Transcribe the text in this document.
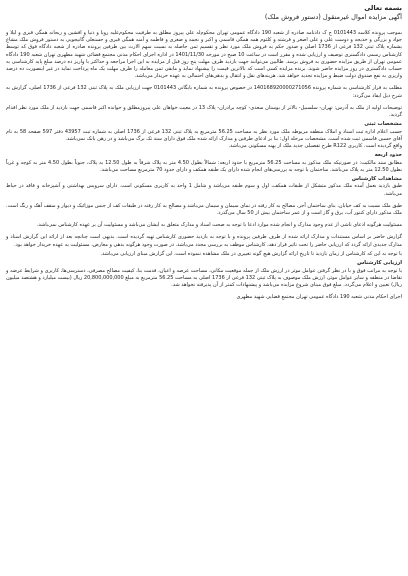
بسمه تعالی
آگهی مزایده اموال غیرمنقول (دستور فروش ملک)

بموجب پرونده کلاسه 0101443 ج ک دادنامه صادره از شعبه 190 دادگاه عمومی تهران محکوم‌له علی پیروز مطلق به طرفیت محکوم‌علیه رویا و دنیا و افشین و ریحانه همگی قبری و لیلا و جواد و بزرگی و خدیجه و دوست علی و علی اصغر و فرشته و کلثوم همه همگی قاسمی و اکبر و نجمه و صغری و فاطمه و آمنه همگی قبری و حسنعلی گانیجویی به دستور فروش ملک مشاع بشماره پلاک ثبتی 132 فرعی از 1736 اصلی و صدور حکم به فروش ملک مورد نظر و تقسیم ثمن حاصله به نسبت سهم الارث بین طرفین پرونده صادره از شعبه دادگاه فوق که توسط کارشناس رسمی دادگستری توصیف و ارزیابی شده و مقرر است در ساعت 10 صبح در مورخه 1401/11/30 در اداره اجرای احکام مدنی مجتمع قضائی شهید مطهری تهران شعبه 190 دادگاه عمومی تهران از طریق مزایده حضوری به فروش برسد. طالبین می‌توانند جهت بازدید ظرف مهلت پنج روز قبل از مزایده به این اجرا مراجعه و حداکثر با واریز ده درصد مبلغ پایه کارشناسی به حساب دادگستری در روز مزایده حاضر شوند. برنده مزایده کسی است که بالاترین قیمت را پیشنهاد نماید و مابقی ثمن معامله را ظرف مهلت یک ماه پرداخت نماید در غیر اینصورت ده درصد واریزی به نفع صندوق دولت ضبط و مزایده تجدید خواهد شد. هزینه‌های نقل و انتقال و بدهی‌های احتمالی به عهده خریدار می‌باشد.

مطلب به قرار کارشناسی به شماره پرونده 140168920000271056 در خصوص پرونده به شماره بایگانی 0101443 جهت ارزیابی ملک به پلاک ثبتی 132 فرعی از 1736 اصلی، گزارش به شرح ذیل ایفاد می‌گردد:

توضیحات اولیه از ملک به آدرس: تهران- سلسبیل- بالاتر از بوستان سعدی- کوچه برادران- پلاک 13 در معیت خواهان علی پیروزمطلق و خوانده اکبر قاسمی جهت بازدید از ملک مورد نظر اقدام گردید.

مشخصات ثبتی

حسب اعلام اداره ثبت اسناد و املاک منطقه مربوطه ملک مورد نظر به مساحت 56.25 مترمربع به پلاک ثبتی 132 فرعی از 1736 اصلی به شماره ثبت 43957 دفتر 597 صفحه 58 به نام آقای حسین قاسمی ثبت شده است. مشخصات مرحله اول: بنا بر ادعای طرفین و مدارک ارائه شده ملک فوق دارای سند تک برگ می‌باشد و در رهن بانک نمی‌باشد.

واقع گردیده است. کاربری R122 طرح تفصیلی جدید ملک از پهنه مسکونی می‌باشد.

حدود اربعه

مطابق سند مالکیت: در صورتیکه ملک مذکور به مساحت 56.25 مترمربع با حدود اربعه: شمالاً بطول 4.50 متر به پلاک شرقاً به طول 12.50 به پلاک، جنوباً بطول 4.50 متر به کوچه و غرباً بطول 12.50 متر به پلاک می‌باشد. ساختمان با توجه به بررسی‌های انجام شده دارای یک طبقه همکف و دارای حدود 70 مترمربع مساحت می‌باشد.

مشاهدات کارشناس

طبق بازدید بعمل آمده ملک مذکور متشکل از طبقات همکف، اول و سوم طبقه می‌باشد و شامل 1 واحد به کاربری مسکونی است. دارای سرویس بهداشتی و آشپزخانه و فاقد در حیاط می‌باشد.

طبق ملک نسبت به کف خیابان، بنای ساختمان آجر، مصالح به کار رفته در نمای سیمان و سیمان می‌باشد و مصالح به کار رفته در طبقات کف از جنس موزائیک و دیوار و سقف آهک و رنگ است. ملک مذکور دارای کنتور آب، برق و گاز است و از عمر ساختمان بیش از 50 سال می‌گذرد.

مسئولیت هرگونه ادعای ناشی از عدم وجود مدارک و انجام شده موارد ادعا با توجه به صحت اسناد و مدارک متعلق به ایشان می‌باشد و مسئولیت آن بر عهده کارشناس نمی‌باشد.

گزارش حاضر بر اساس مستندات و مدارک ارائه شده از طرف طرفین پرونده و با توجه به بازدید حضوری کارشناس تهیه گردیده است. بدیهی است چنانچه بعد از ارائه این گزارش اسناد و مدارک جدیدی ارائه گردد که ارزیابی حاضر را تحت تاثیر قرار دهد، کارشناس موظف به بررسی مجدد می‌باشد. در صورت وجود هرگونه بدهی و معارض، مسئولیت به عهده خریدار خواهد بود.

با توجه به این که کارشناس از زمان بازدید تا تاریخ ارائه گزارش هیچ گونه تغییری در ملک مشاهده ننموده است، این گزارش مبنای ارزیابی می‌باشد.

ارزیابی کارشناس

با توجه به مراتب فوق و با در نظر گرفتن عوامل موثر در ارزش ملک از جمله موقعیت مکانی، مساحت عرصه و اعیان، قدمت بنا، کیفیت مصالح مصرفی، دسترسی‌ها، کاربری و شرایط عرضه و تقاضا در منطقه و سایر عوامل موثر، ارزش ملک موصوف به پلاک ثبتی 132 فرعی از 1736 اصلی به مساحت 56.25 مترمربع به مبلغ 20,800,000,000 ریال (بیست میلیارد و هشتصد میلیون ریال) تعیین و اعلام می‌گردد. مبلغ فوق مبنای شروع مزایده می‌باشد و پیشنهادات کمتر از آن پذیرفته نخواهد شد.

اجرای احکام مدنی شعبه 190 دادگاه عمومی تهران مجتمع قضایی شهید مطهری
